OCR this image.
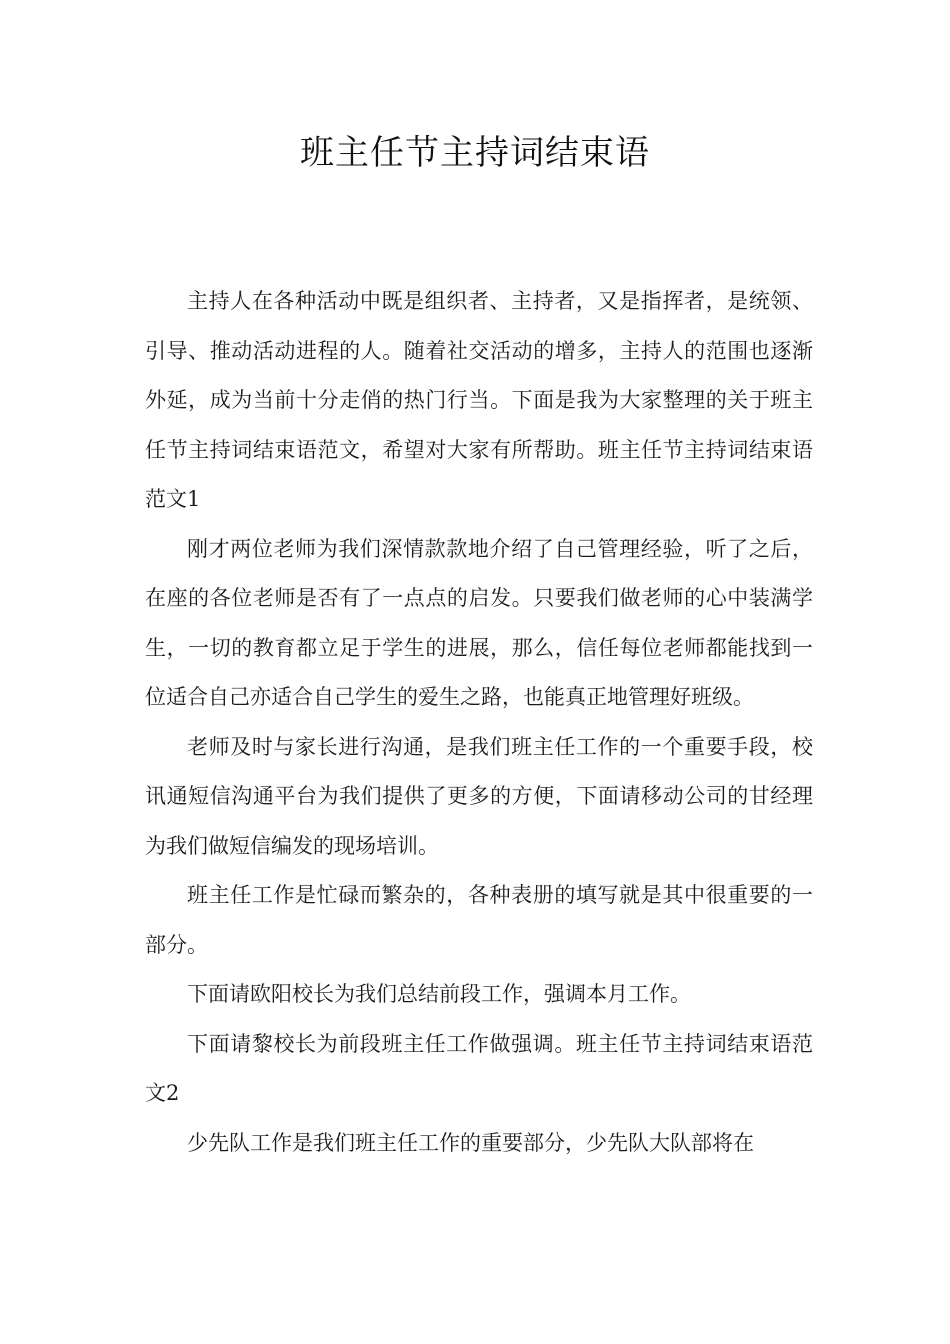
班主任节主持词结束语

主持人在各种活动中既是组织者、主持者，又是指挥者，是统领、引导、推动活动进程的人。随着社交活动的增多，主持人的范围也逐渐外延，成为当前十分走俏的热门行当。下面是我为大家整理的关于班主任节主持词结束语范文，希望对大家有所帮助。班主任节主持词结束语范文1

刚才两位老师为我们深情款款地介绍了自己管理经验，听了之后，在座的各位老师是否有了一点点的启发。只要我们做老师的心中装满学生，一切的教育都立足于学生的进展，那么，信任每位老师都能找到一位适合自己亦适合自己学生的爱生之路，也能真正地管理好班级。

老师及时与家长进行沟通，是我们班主任工作的一个重要手段，校讯通短信沟通平台为我们提供了更多的方便，下面请移动公司的甘经理为我们做短信编发的现场培训。

班主任工作是忙碌而繁杂的，各种表册的填写就是其中很重要的一部分。

下面请欧阳校长为我们总结前段工作，强调本月工作。

下面请黎校长为前段班主任工作做强调。班主任节主持词结束语范文2

少先队工作是我们班主任工作的重要部分，少先队大队部将在
